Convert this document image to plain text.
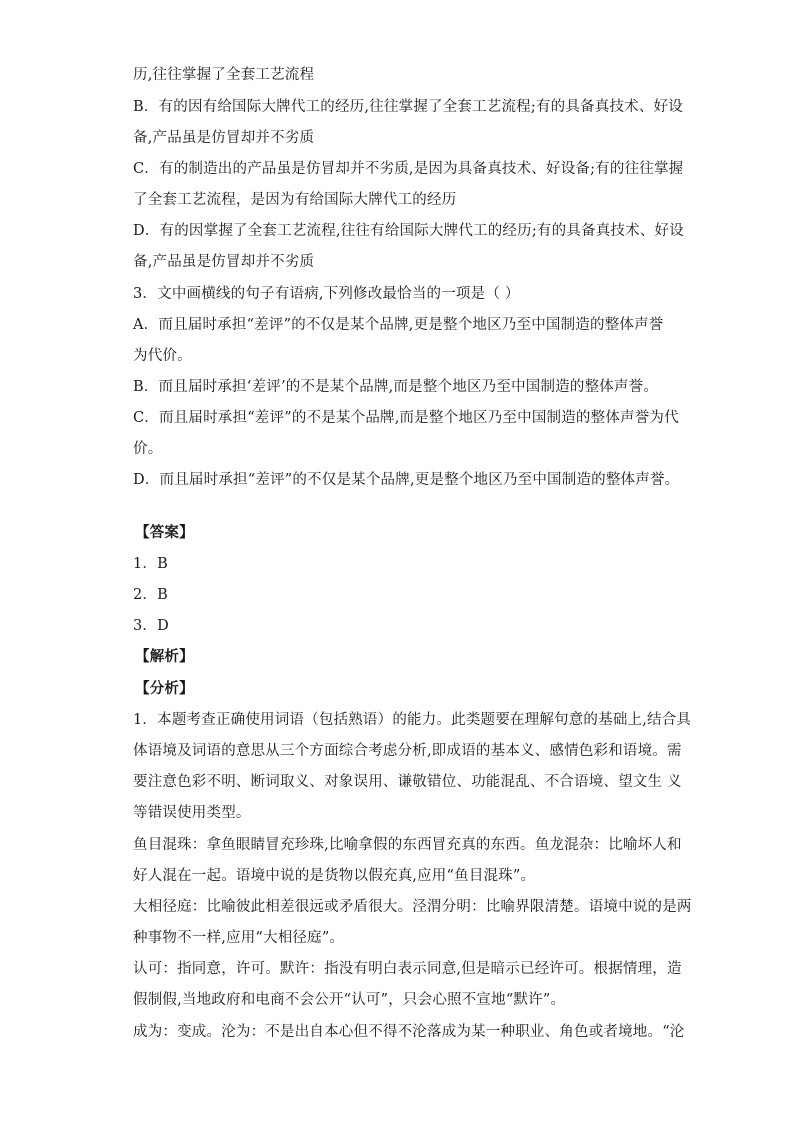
历,往往掌握了全套工艺流程
B．有的因有给国际大牌代工的经历,往往掌握了全套工艺流程;有的具备真技术、好设
备,产品虽是仿冒却并不劣质
C．有的制造出的产品虽是仿冒却并不劣质,是因为具备真技术、好设备;有的往往掌握
了全套工艺流程，是因为有给国际大牌代工的经历
D．有的因掌握了全套工艺流程,往往有给国际大牌代工的经历;有的具备真技术、好设
备,产品虽是仿冒却并不劣质
3．文中画横线的句子有语病,下列修改最恰当的一项是（ ）
A．而且届时承担“差评”的不仅是某个品牌,更是整个地区乃至中国制造的整体声誉
为代价。
B．而且届时承担‘差评’的不是某个品牌,而是整个地区乃至中国制造的整体声誉。
C．而且届时承担“差评”的不是某个品牌,而是整个地区乃至中国制造的整体声誉为代
价。
D．而且届时承担“差评”的不仅是某个品牌,更是整个地区乃至中国制造的整体声誉。
【答案】
1．B
2．B
3．D
【解析】
【分析】
1．本题考查正确使用词语（包括熟语）的能力。此类题要在理解句意的基础上,结合具
体语境及词语的意思从三个方面综合考虑分析,即成语的基本义、感情色彩和语境。需
要注意色彩不明、断词取义、对象误用、谦敬错位、功能混乱、不合语境、望文生 义
等错误使用类型。
鱼目混珠：拿鱼眼睛冒充珍珠,比喻拿假的东西冒充真的东西。鱼龙混杂：比喻坏人和
好人混在一起。语境中说的是货物以假充真,应用“鱼目混珠”。
大相径庭：比喻彼此相差很远或矛盾很大。泾渭分明：比喻界限清楚。语境中说的是两
种事物不一样,应用“大相径庭”。
认可：指同意，许可。默许：指没有明白表示同意,但是暗示已经许可。根据情理，造
假制假,当地政府和电商不会公开“认可”，只会心照不宣地“默许”。
成为：变成。沦为：不是出自本心但不得不沦落成为某一种职业、角色或者境地。“沦
